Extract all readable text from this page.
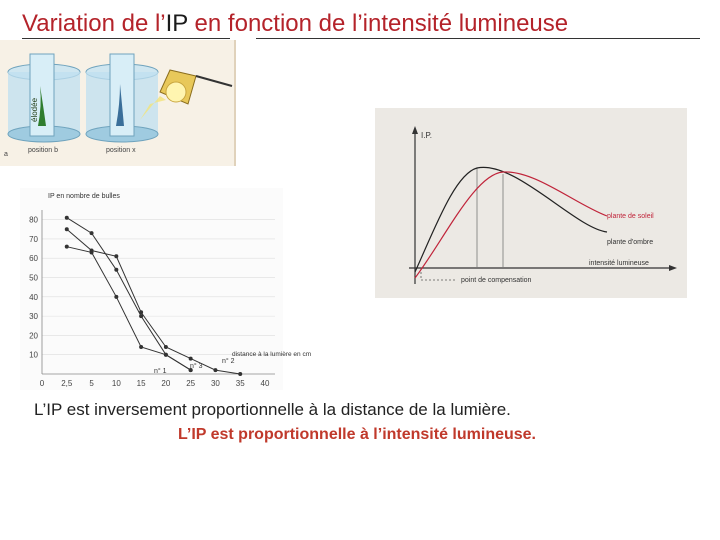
Variation de l’IP en fonction de l’intensité lumineuse
élodée
a
position b	position x
IP en nombre de bulles
10
20
30
40
50
60
70
80
0 2,5 5 10 15 20 25 30 35 40
distance à la lumière en cm
n° 2
n° 3
n° 1
I.P.
intensité lumineuse
plante de soleil
plante d'ombre
point de compensation
L’IP est inversement proportionnelle à la distance de la lumière.
L’IP est proportionnelle à l’intensité lumineuse.
